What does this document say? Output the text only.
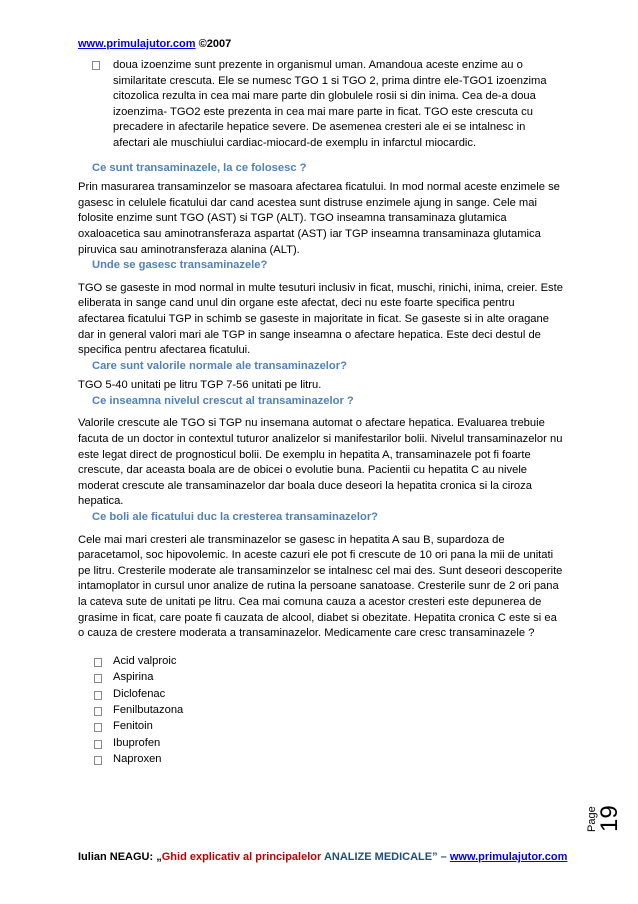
www.primulajutor.com ©2007
doua izoenzime sunt prezente in organismul uman. Amandoua aceste enzime au o similaritate crescuta. Ele se numesc TGO 1 si TGO 2, prima dintre ele-TGO1 izoenzima citozolica rezulta in cea mai mare parte din globulele rosii si din inima. Cea de-a doua izoenzima- TGO2 este prezenta in cea mai mare parte in ficat. TGO este crescuta cu precadere in afectarile hepatice severe. De asemenea cresteri ale ei se intalnesc in afectari ale muschiului cardiac-miocard-de exemplu in infarctul miocardic.
Ce sunt transaminazele, la ce folosesc ?

Prin masurarea transaminzelor se masoara afectarea ficatului. In mod normal aceste enzimele se gasesc in celulele ficatului dar cand acestea sunt distruse enzimele ajung in sange. Cele mai folosite enzime sunt TGO (AST) si TGP (ALT). TGO inseamna transaminaza glutamica oxaloacetica sau aminotransferaza aspartat (AST) iar TGP inseamna transaminaza glutamica piruvica sau aminotransferaza alanina (ALT).

Unde se gasesc transaminazele?

TGO se gaseste in mod normal in multe tesuturi inclusiv in ficat, muschi, rinichi, inima, creier. Este eliberata in sange cand unul din organe este afectat, deci nu este foarte specifica pentru afectarea ficatului TGP in schimb se gaseste in majoritate in ficat. Se gaseste si in alte oragane dar in general valori mari ale TGP in sange inseamna o afectare hepatica. Este deci destul de specifica pentru afectarea ficatului.

Care sunt valorile normale ale transaminazelor?

TGO 5-40 unitati pe litru TGP 7-56 unitati pe litru.

Ce inseamna nivelul crescut al transaminazelor ?

Valorile crescute ale TGO si TGP nu insemana automat o afectare hepatica. Evaluarea trebuie facuta de un doctor in contextul tuturor analizelor si manifestarilor bolii. Nivelul transaminazelor nu este legat direct de prognosticul bolii. De exemplu in hepatita A, transaminazele pot fi foarte crescute, dar aceasta boala are de obicei o evolutie buna. Pacientii cu hepatita C au nivele moderat crescute ale transaminazelor dar boala duce deseori la hepatita cronica si la ciroza hepatica.

Ce boli ale ficatului duc la cresterea transaminazelor?

Cele mai mari cresteri ale transminazelor se gasesc in hepatita A sau B, supardoza de paracetamol, soc hipovolemic. In aceste cazuri ele pot fi crescute de 10 ori pana la mii de unitati pe litru. Cresterile moderate ale transaminzelor se intalnesc cel mai des. Sunt deseori descoperite intamoplator in cursul unor analize de rutina la persoane sanatoase. Cresterile sunr de 2 ori pana la cateva sute de unitati pe litru. Cea mai comuna cauza a acestor cresteri este depunerea de grasime in ficat, care poate fi cauzata de alcool, diabet si obezitate. Hepatita cronica C este si ea o cauza de crestere moderata a transaminazelor. Medicamente care cresc transaminazele ?

Acid valproic
Aspirina
Diclofenac
Fenilbutazona
Fenitoin
Ibuprofen
Naproxen
Page
19
Iulian NEAGU: „Ghid explicativ al principalelor ANALIZE MEDICALE” – www.primulajutor.com
